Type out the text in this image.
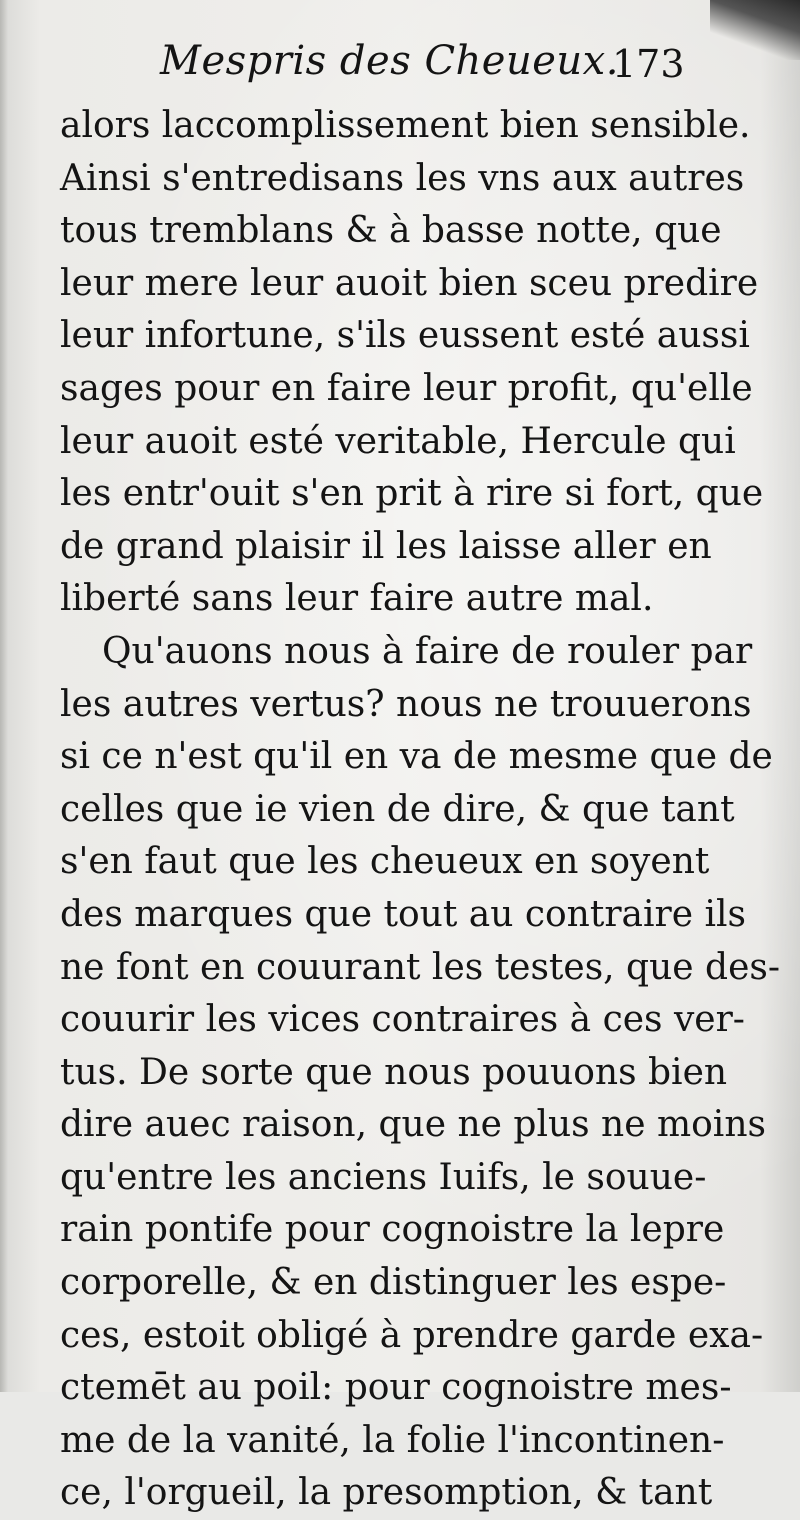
Mespris des Cheueux.
173
alors laccomplissement bien sensible.
Ainsi s'entredisans les vns aux autres
tous tremblans & à basse notte, que
leur mere leur auoit bien sceu predire
leur infortune, s'ils eussent esté aussi
sages pour en faire leur profit, qu'elle
leur auoit esté veritable, Hercule qui
les entr'ouit s'en prit à rire si fort, que
de grand plaisir il les laisse aller en
liberté sans leur faire autre mal.
Qu'auons nous à faire de rouler par
les autres vertus? nous ne trouuerons
si ce n'est qu'il en va de mesme que de
celles que ie vien de dire, & que tant
s'en faut que les cheueux en soyent
des marques que tout au contraire ils
ne font en couurant les testes, que des-
couurir les vices contraires à ces ver-
tus. De sorte que nous pouuons bien
dire auec raison, que ne plus ne moins
qu'entre les anciens Iuifs, le souue-
rain pontife pour cognoistre la lepre
corporelle, & en distinguer les espe-
ces, estoit obligé à prendre garde exa-
ctemēt au poil: pour cognoistre mes-
me de la vanité, la folie l'incontinen-
ce, l'orgueil, la presomption, & tant
